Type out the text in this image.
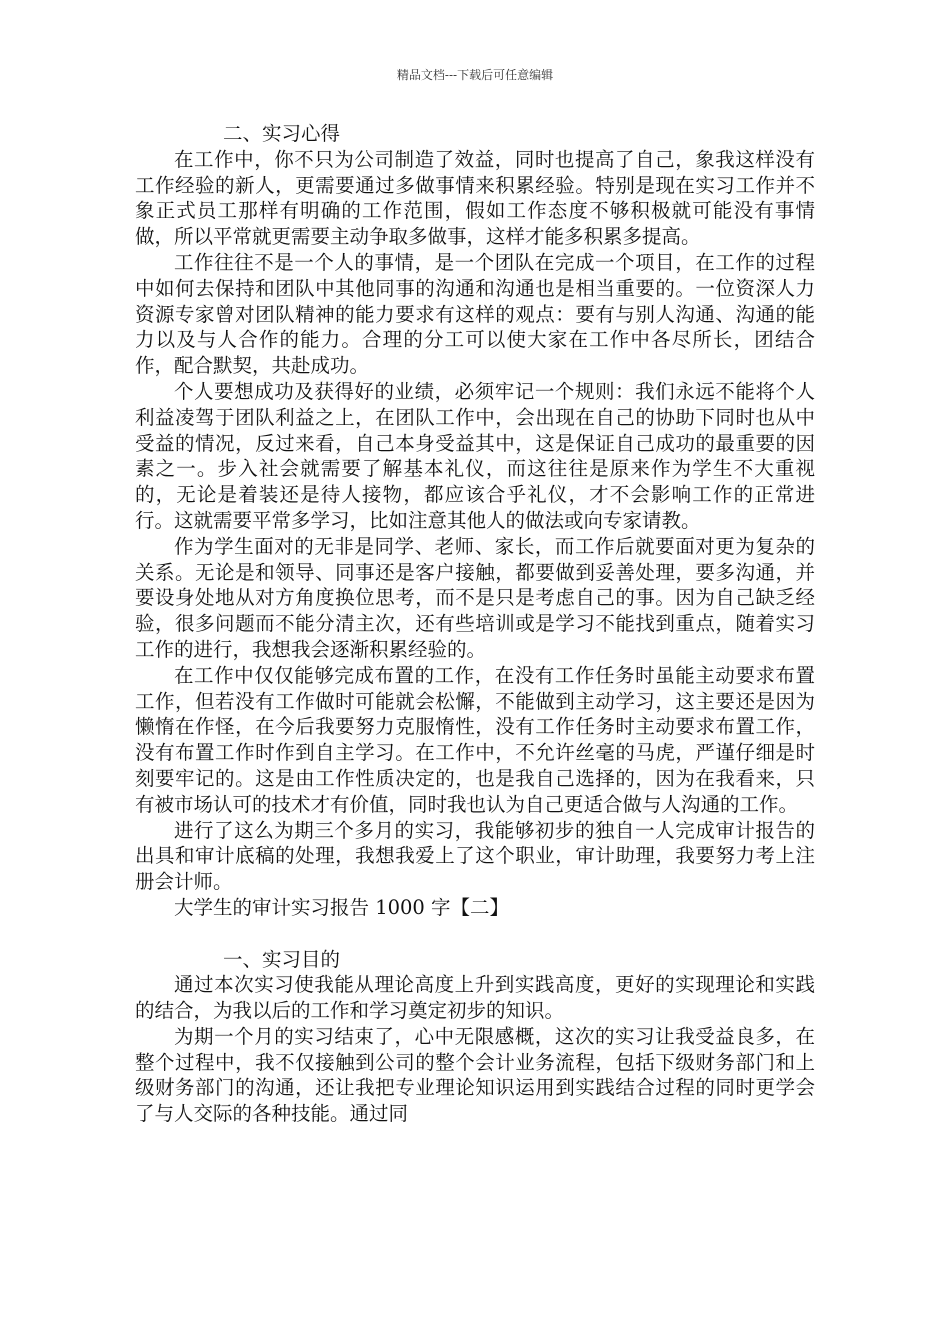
精品文档---下载后可任意编辑

二、实习心得

在工作中，你不只为公司制造了效益，同时也提高了自己，象我这样没有工作经验的新人，更需要通过多做事情来积累经验。特别是现在实习工作并不象正式员工那样有明确的工作范围，假如工作态度不够积极就可能没有事情做，所以平常就更需要主动争取多做事，这样才能多积累多提高。

工作往往不是一个人的事情，是一个团队在完成一个项目，在工作的过程中如何去保持和团队中其他同事的沟通和沟通也是相当重要的。一位资深人力资源专家曾对团队精神的能力要求有这样的观点：要有与别人沟通、沟通的能力以及与人合作的能力。合理的分工可以使大家在工作中各尽所长，团结合作，配合默契，共赴成功。

个人要想成功及获得好的业绩，必须牢记一个规则：我们永远不能将个人利益凌驾于团队利益之上，在团队工作中，会出现在自己的协助下同时也从中受益的情况，反过来看，自己本身受益其中，这是保证自己成功的最重要的因素之一。步入社会就需要了解基本礼仪，而这往往是原来作为学生不大重视的，无论是着装还是待人接物，都应该合乎礼仪，才不会影响工作的正常进行。这就需要平常多学习，比如注意其他人的做法或向专家请教。

作为学生面对的无非是同学、老师、家长，而工作后就要面对更为复杂的关系。无论是和领导、同事还是客户接触，都要做到妥善处理，要多沟通，并要设身处地从对方角度换位思考，而不是只是考虑自己的事。因为自己缺乏经验，很多问题而不能分清主次，还有些培训或是学习不能找到重点，随着实习工作的进行，我想我会逐渐积累经验的。

在工作中仅仅能够完成布置的工作，在没有工作任务时虽能主动要求布置工作，但若没有工作做时可能就会松懈，不能做到主动学习，这主要还是因为懒惰在作怪，在今后我要努力克服惰性，没有工作任务时主动要求布置工作，没有布置工作时作到自主学习。在工作中，不允许丝毫的马虎，严谨仔细是时刻要牢记的。这是由工作性质决定的，也是我自己选择的，因为在我看来，只有被市场认可的技术才有价值，同时我也认为自己更适合做与人沟通的工作。

进行了这么为期三个多月的实习，我能够初步的独自一人完成审计报告的出具和审计底稿的处理，我想我爱上了这个职业，审计助理，我要努力考上注册会计师。

大学生的审计实习报告 1000 字【二】

一、实习目的

通过本次实习使我能从理论高度上升到实践高度，更好的实现理论和实践的结合，为我以后的工作和学习奠定初步的知识。

为期一个月的实习结束了，心中无限感概，这次的实习让我受益良多，在整个过程中，我不仅接触到公司的整个会计业务流程，包括下级财务部门和上级财务部门的沟通，还让我把专业理论知识运用到实践结合过程的同时更学会了与人交际的各种技能。通过同
